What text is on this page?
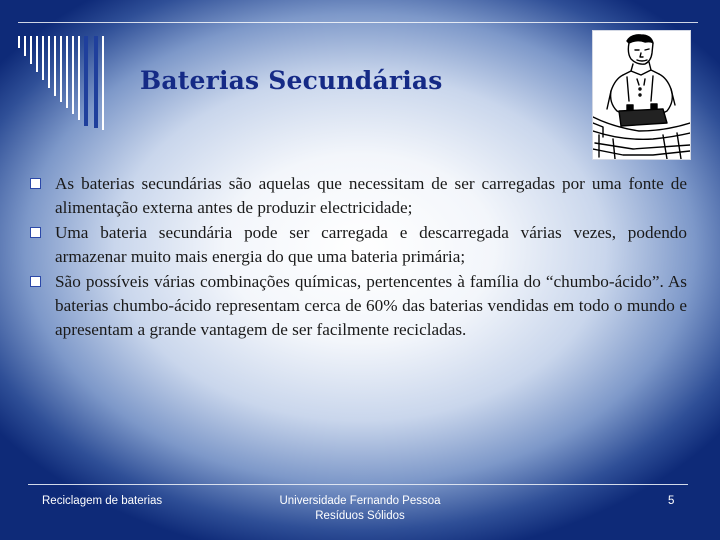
Baterias Secundárias
As baterias secundárias são aquelas que necessitam de ser carregadas por uma fonte de alimentação externa antes de produzir electricidade;
Uma bateria secundária pode ser carregada e descarregada várias vezes, podendo armazenar muito mais energia do que uma bateria primária;
São possíveis várias combinações químicas, pertencentes à família do “chumbo-ácido”. As baterias chumbo-ácido representam cerca de 60% das baterias vendidas em todo o mundo e apresentam a grande vantagem de ser facilmente recicladas.
Reciclagem de baterias	Universidade Fernando Pessoa
Resíduos Sólidos
5
